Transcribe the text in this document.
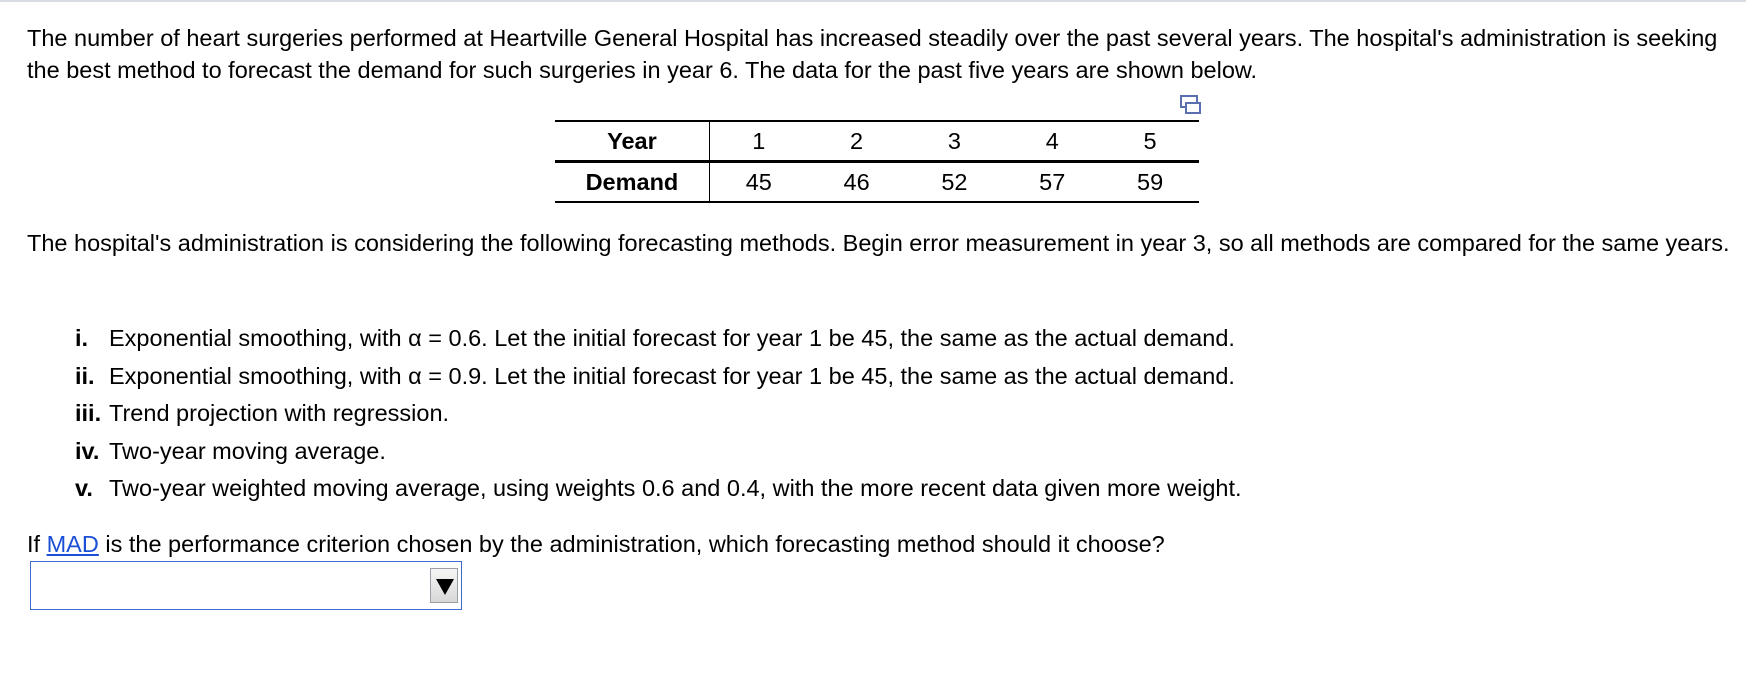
The number of heart surgeries performed at Heartville General Hospital has increased steadily over the past several years. The hospital's administration is seeking the best method to forecast the demand for such surgeries in year 6. The data for the past five years are shown below.

Year	1	2	3	4	5
Demand	45	46	52	57	59

The hospital's administration is considering the following forecasting methods. Begin error measurement in year 3, so all methods are compared for the same years.

i. Exponential smoothing, with α = 0.6. Let the initial forecast for year 1 be 45, the same as the actual demand.
ii. Exponential smoothing, with α = 0.9. Let the initial forecast for year 1 be 45, the same as the actual demand.
iii. Trend projection with regression.
iv. Two-year moving average.
v. Two-year weighted moving average, using weights 0.6 and 0.4, with the more recent data given more weight.

If MAD is the performance criterion chosen by the administration, which forecasting method should it choose?
